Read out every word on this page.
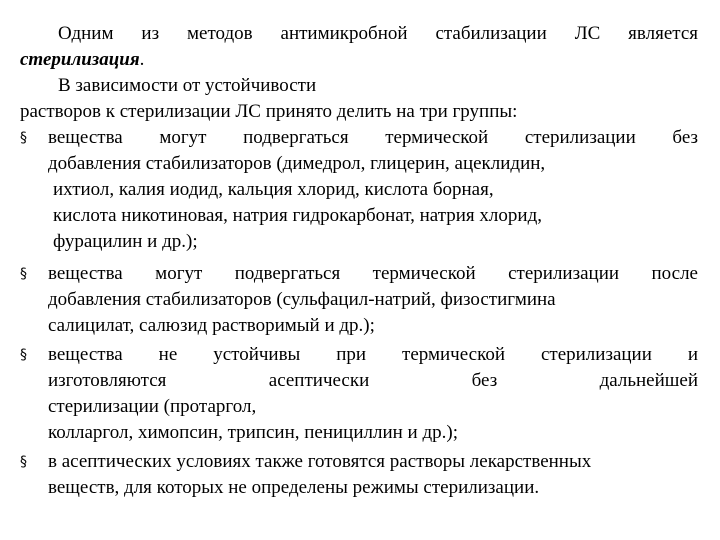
Одним из методов антимикробной стабилизации ЛС является
стерилизация.
В зависимости от устойчивости
растворов к стерилизации ЛС принято делить на три группы:
§ вещества могут подвергаться термической стерилизации без
добавления стабилизаторов (димедрол, глицерин, ацеклидин,
ихтиол, калия иодид, кальция хлорид, кислота борная,
кислота никотиновая, натрия гидрокарбонат, натрия хлорид,
фурацилин и др.);
§ вещества могут подвергаться термической стерилизации после
добавления стабилизаторов (сульфацил-натрий, физостигмина
салицилат, салюзид растворимый и др.);
§ вещества не устойчивы при термической стерилизации и
изготовляются асептически без дальнейшей
стерилизации (протаргол,
колларгол, химопсин, трипсин, пенициллин и др.);
§ в асептических условиях также готовятся растворы лекарственных
веществ, для которых не определены режимы стерилизации.
